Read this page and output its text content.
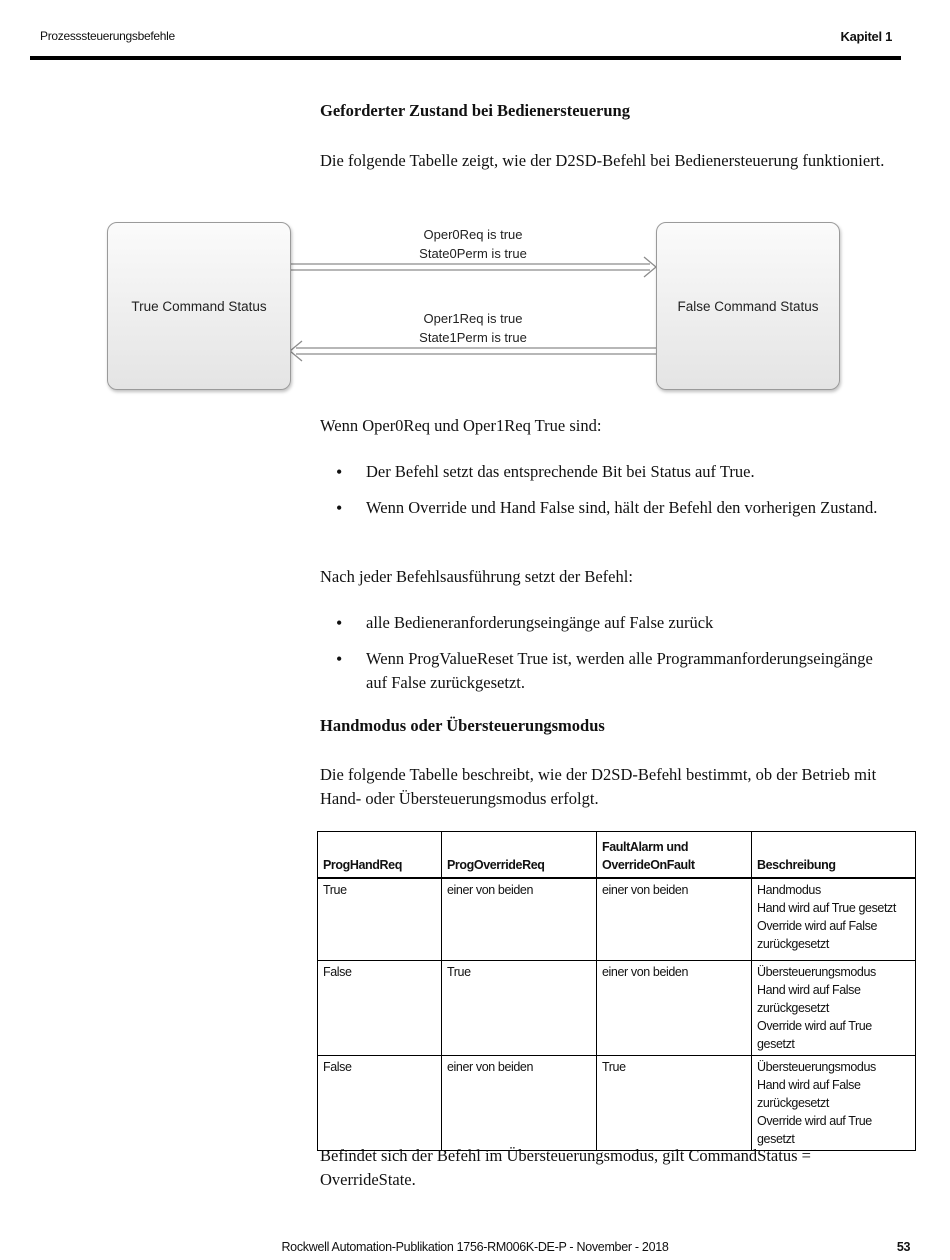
Prozesssteuerungsbefehle	Kapitel 1
Geforderter Zustand bei Bedienersteuerung
Die folgende Tabelle zeigt, wie der D2SD-Befehl bei Bedienersteuerung funktioniert.
True Command Status	False Command Status
Oper0Req is true
State0Perm is true
Oper1Req is true
State1Perm is true
Wenn Oper0Req und Oper1Req True sind:
• Der Befehl setzt das entsprechende Bit bei Status auf True.
• Wenn Override und Hand False sind, hält der Befehl den vorherigen Zustand.
Nach jeder Befehlsausführung setzt der Befehl:
• alle Bedieneranforderungseingänge auf False zurück
• Wenn ProgValueReset True ist, werden alle Programmanforderungseingänge auf False zurückgesetzt.
Handmodus oder Übersteuerungsmodus
Die folgende Tabelle beschreibt, wie der D2SD-Befehl bestimmt, ob der Betrieb mit Hand- oder Übersteuerungsmodus erfolgt.
ProgHandReq	ProgOverrideReq	FaultAlarm und OverrideOnFault	Beschreibung
True	einer von beiden	einer von beiden	Handmodus
Hand wird auf True gesetzt
Override wird auf False zurückgesetzt
False	True	einer von beiden	Übersteuerungsmodus
Hand wird auf False zurückgesetzt
Override wird auf True gesetzt
False	einer von beiden	True	Übersteuerungsmodus
Hand wird auf False zurückgesetzt
Override wird auf True gesetzt
Befindet sich der Befehl im Übersteuerungsmodus, gilt CommandStatus = OverrideState.
Rockwell Automation-Publikation 1756-RM006K-DE-P - November - 2018	53
